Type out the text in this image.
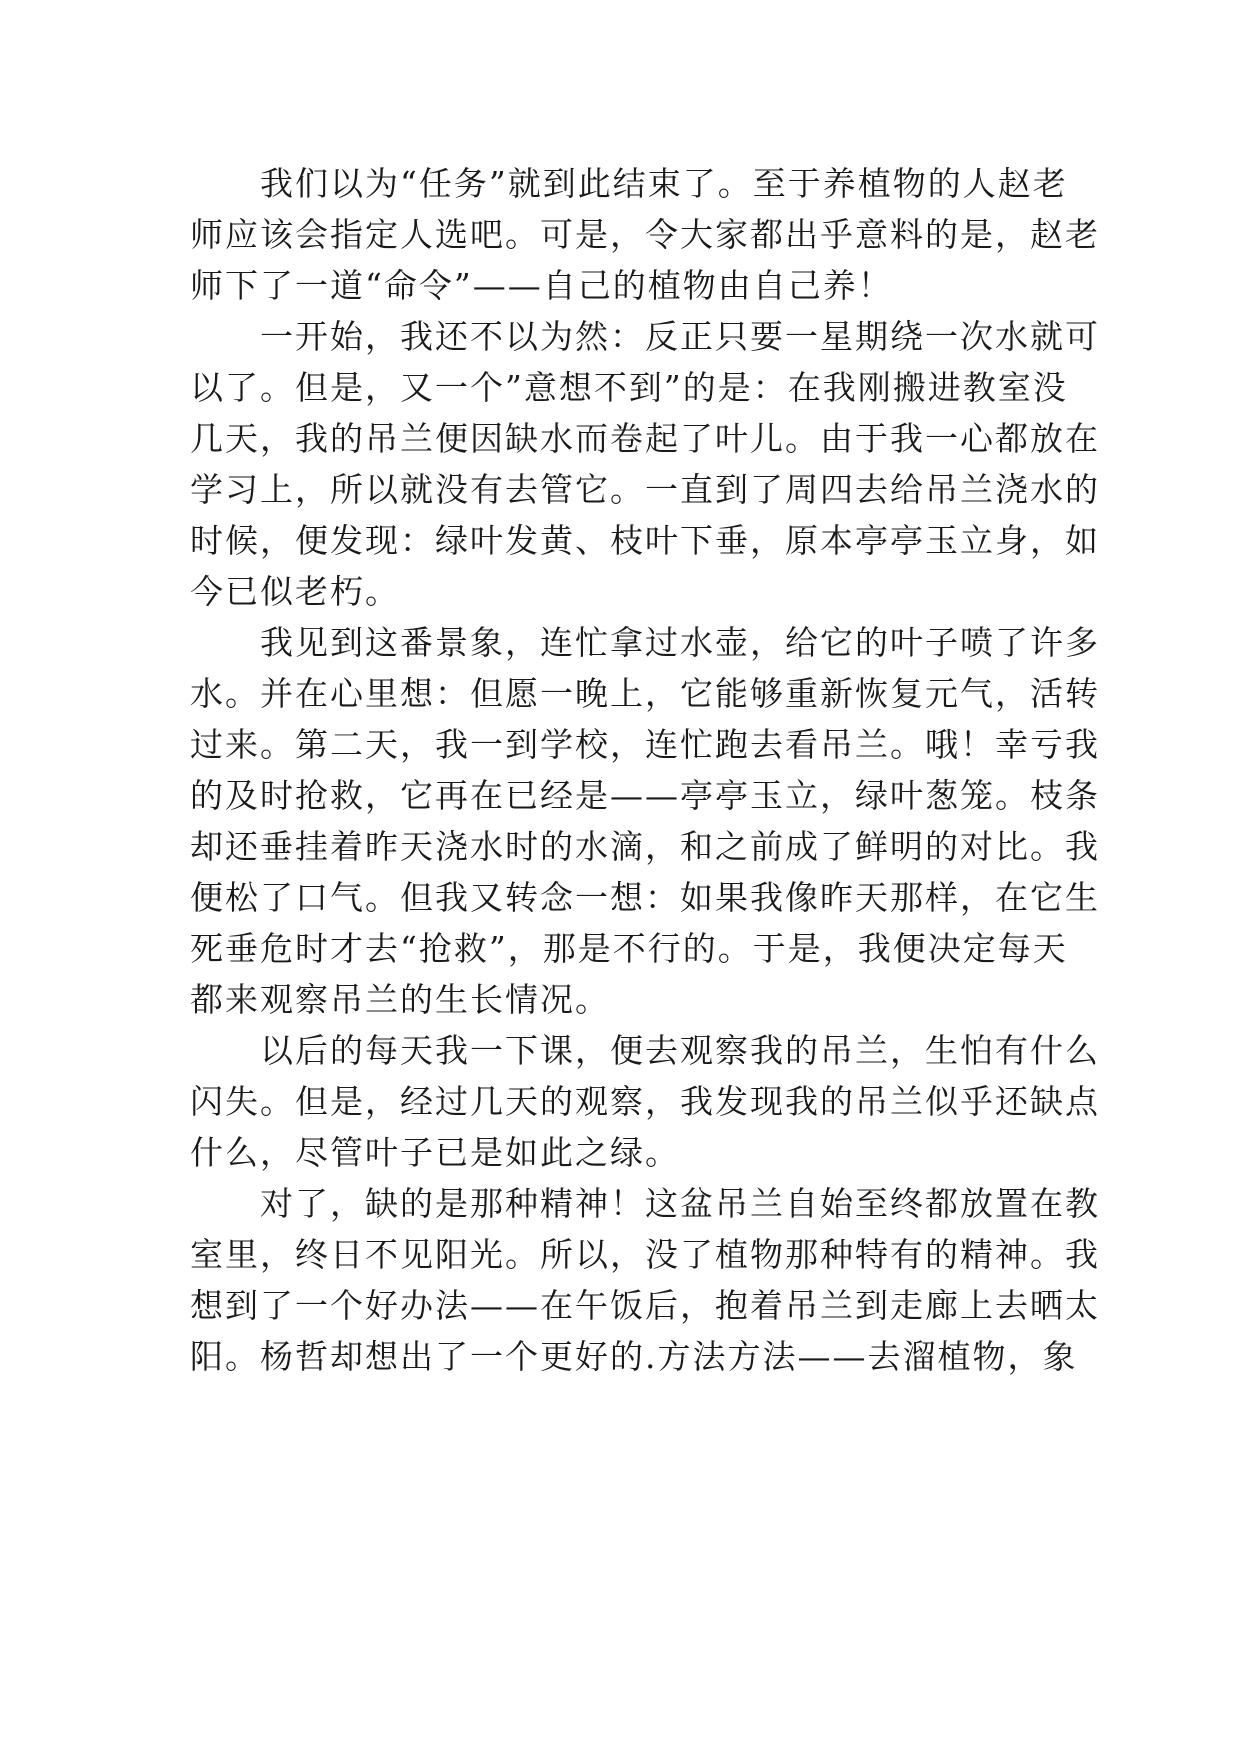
我们以为“任务”就到此结束了。至于养植物的人赵老
师应该会指定人选吧。可是，令大家都出乎意料的是，赵老
师下了一道“命令”——自己的植物由自己养！
一开始，我还不以为然：反正只要一星期绕一次水就可
以了。但是，又一个”意想不到”的是：在我刚搬进教室没
几天，我的吊兰便因缺水而卷起了叶儿。由于我一心都放在
学习上，所以就没有去管它。一直到了周四去给吊兰浇水的
时候，便发现：绿叶发黄、枝叶下垂，原本亭亭玉立身，如
今已似老朽。
我见到这番景象，连忙拿过水壶，给它的叶子喷了许多
水。并在心里想：但愿一晚上，它能够重新恢复元气，活转
过来。第二天，我一到学校，连忙跑去看吊兰。哦！幸亏我
的及时抢救，它再在已经是——亭亭玉立，绿叶葱笼。枝条
却还垂挂着昨天浇水时的水滴，和之前成了鲜明的对比。我
便松了口气。但我又转念一想：如果我像昨天那样，在它生
死垂危时才去“抢救”，那是不行的。于是，我便决定每天
都来观察吊兰的生长情况。
以后的每天我一下课，便去观察我的吊兰，生怕有什么
闪失。但是，经过几天的观察，我发现我的吊兰似乎还缺点
什么，尽管叶子已是如此之绿。
对了，缺的是那种精神！这盆吊兰自始至终都放置在教
室里，终日不见阳光。所以，没了植物那种特有的精神。我
想到了一个好办法——在午饭后，抱着吊兰到走廊上去晒太
阳。杨哲却想出了一个更好的.方法方法——去溜植物，象
